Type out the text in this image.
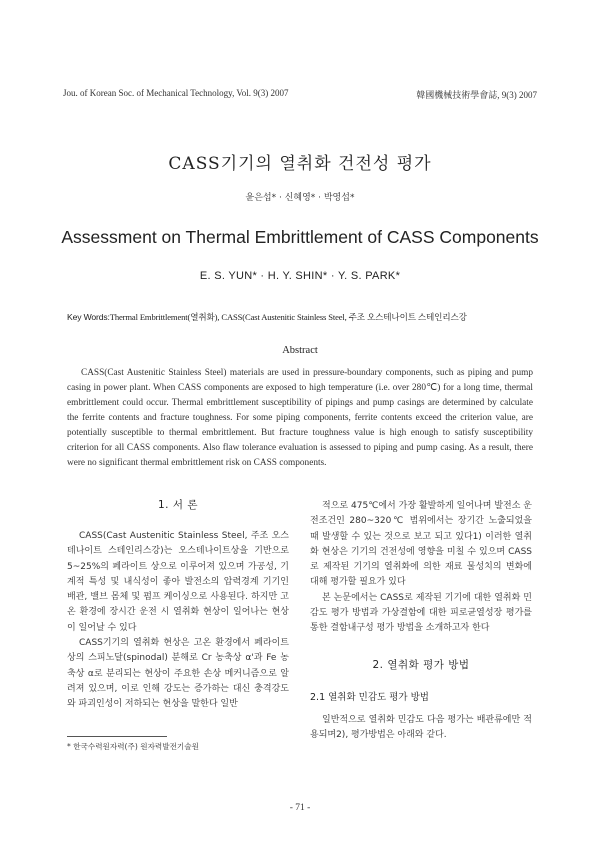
Jou. of Korean Soc. of Mechanical Technology, Vol. 9(3) 2007	韓國機械技術學會誌, 9(3) 2007
CASS기기의 열취화 건전성 평가
윤은섭* · 신혜영* · 박영섭*
Assessment on Thermal Embrittlement of CASS Components
E. S. YUN* · H. Y. SHIN* · Y. S. PARK*
Key Words:Thermal Embrittlement(열취화), CASS(Cast Austenitic Stainless Steel, 주조 오스테나이트 스테인리스강
Abstract
CASS(Cast Austenitic Stainless Steel) materials are used in pressure-boundary components, such as piping and pump casing in power plant. When CASS components are exposed to high temperature (i.e. over 280℃) for a long time, thermal embrittlement could occur. Thermal embrittlement susceptibility of pipings and pump casings are determined by calculate the ferrite contents and fracture toughness. For some piping components, ferrite contents exceed the criterion value, are potentially susceptible to thermal embrittlement. But fracture toughness value is high enough to satisfy susceptibility criterion for all CASS components. Also flaw tolerance evaluation is assessed to piping and pump casing. As a result, there were no significant thermal embrittlement risk on CASS components.
1. 서 론

CASS(Cast Austenitic Stainless Steel, 주조 오스테나이트 스테인리스강)는 오스테나이트상을 기반으로 5~25%의 페라이트 상으로 이루어져 있으며 가공성, 기계적 특성 및 내식성이 좋아 발전소의 압력경계 기기인 배관, 밸브 몸체 및 펌프 케이싱으로 사용된다. 하지만 고온 환경에 장시간 운전 시 열취화 현상이 일어나는 현상이 일어날 수 있다

CASS기기의 열취화 현상은 고온 환경에서 페라이트상의 스피노달(spinodal) 분해로 Cr 농축상 α'과 Fe 농축상 α로 분리되는 현상이 주요한 손상 메커니즘으로 알려져 있으며, 이로 인해 강도는 증가하는 대신 충격강도와 파괴인성이 저하되는 현상을 말한다 일반

적으로 475℃에서 가장 활발하게 일어나며 발전소 운전조건인 280~320℃ 범위에서는 장기간 노출되었을 때 발생할 수 있는 것으로 보고 되고 있다1) 이러한 열취화 현상은 기기의 건전성에 영향을 미칠 수 있으며 CASS로 제작된 기기의 열취화에 의한 재료 물성치의 변화에 대해 평가할 필요가 있다

본 논문에서는 CASS로 제작된 기기에 대한 열취화 민감도 평가 방법과 가상결함에 대한 피로균열성장 평가를 통한 결함내구성 평가 방법을 소개하고자 한다

2. 열취화 평가 방법
2.1 열취화 민감도 평가 방법

일반적으로 열취화 민감도 다음 평가는 배관류에만 적용되며2), 평가방법은 아래와 같다.

* 한국수력원자력(주) 원자력발전기술원
- 71 -
